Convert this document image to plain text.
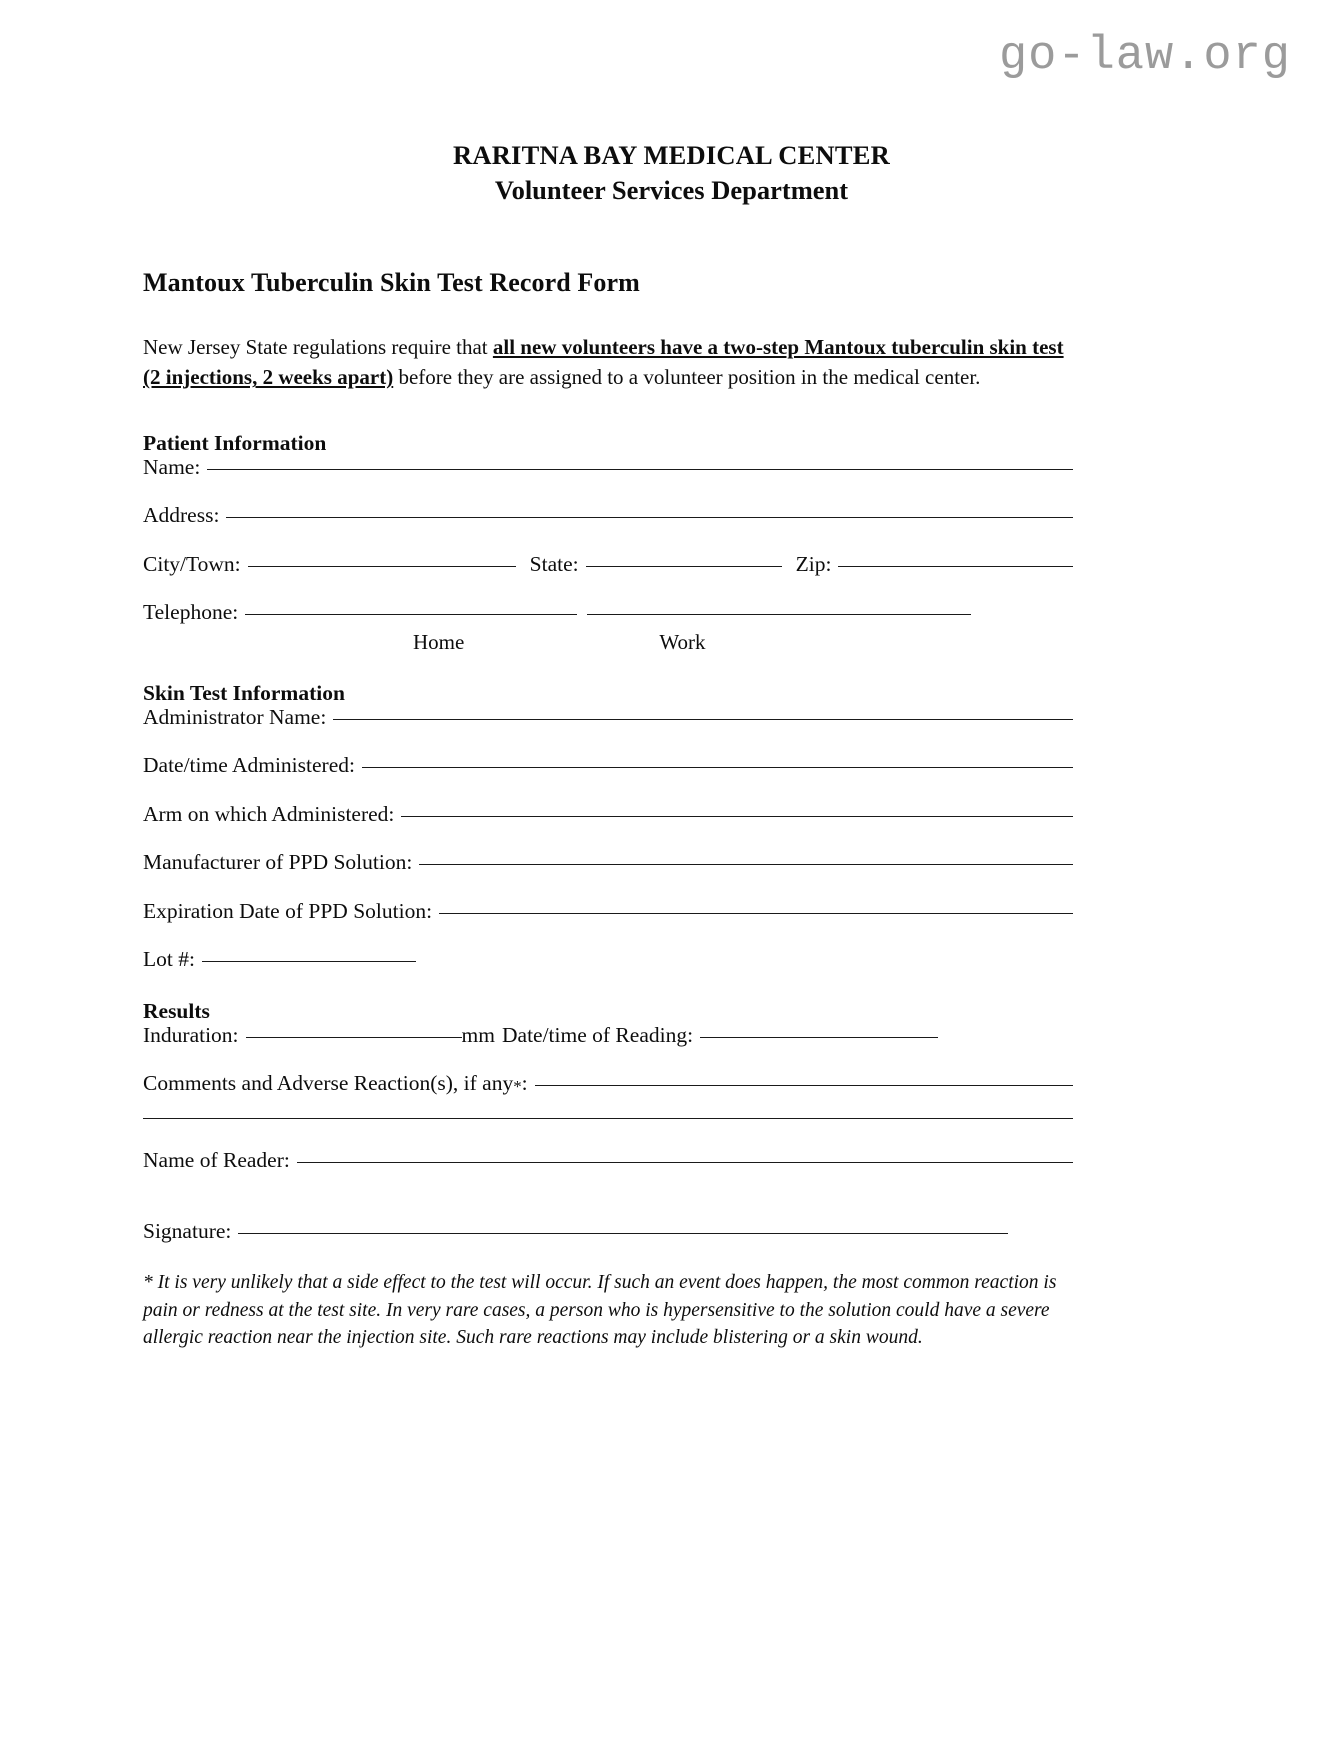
go-law.org
RARITNA BAY MEDICAL CENTER
Volunteer Services Department
Mantoux Tuberculin Skin Test Record Form

New Jersey State regulations require that all new volunteers have a two-step Mantoux tuberculin skin test (2 injections, 2 weeks apart) before they are assigned to a volunteer position in the medical center.

Patient Information
Name:
Address:
City/Town:	State:	Zip:
Telephone:
Home	Work
Skin Test Information
Administrator Name:
Date/time Administered:
Arm on which Administered:
Manufacturer of PPD Solution:
Expiration Date of PPD Solution:
Lot #:
Results
Induration:	mm Date/time of Reading:
Comments and Adverse Reaction(s), if any*:
Name of Reader:
Signature:
* It is very unlikely that a side effect to the test will occur. If such an event does happen, the most common reaction is pain or redness at the test site. In very rare cases, a person who is hypersensitive to the solution could have a severe allergic reaction near the injection site. Such rare reactions may include blistering or a skin wound.
